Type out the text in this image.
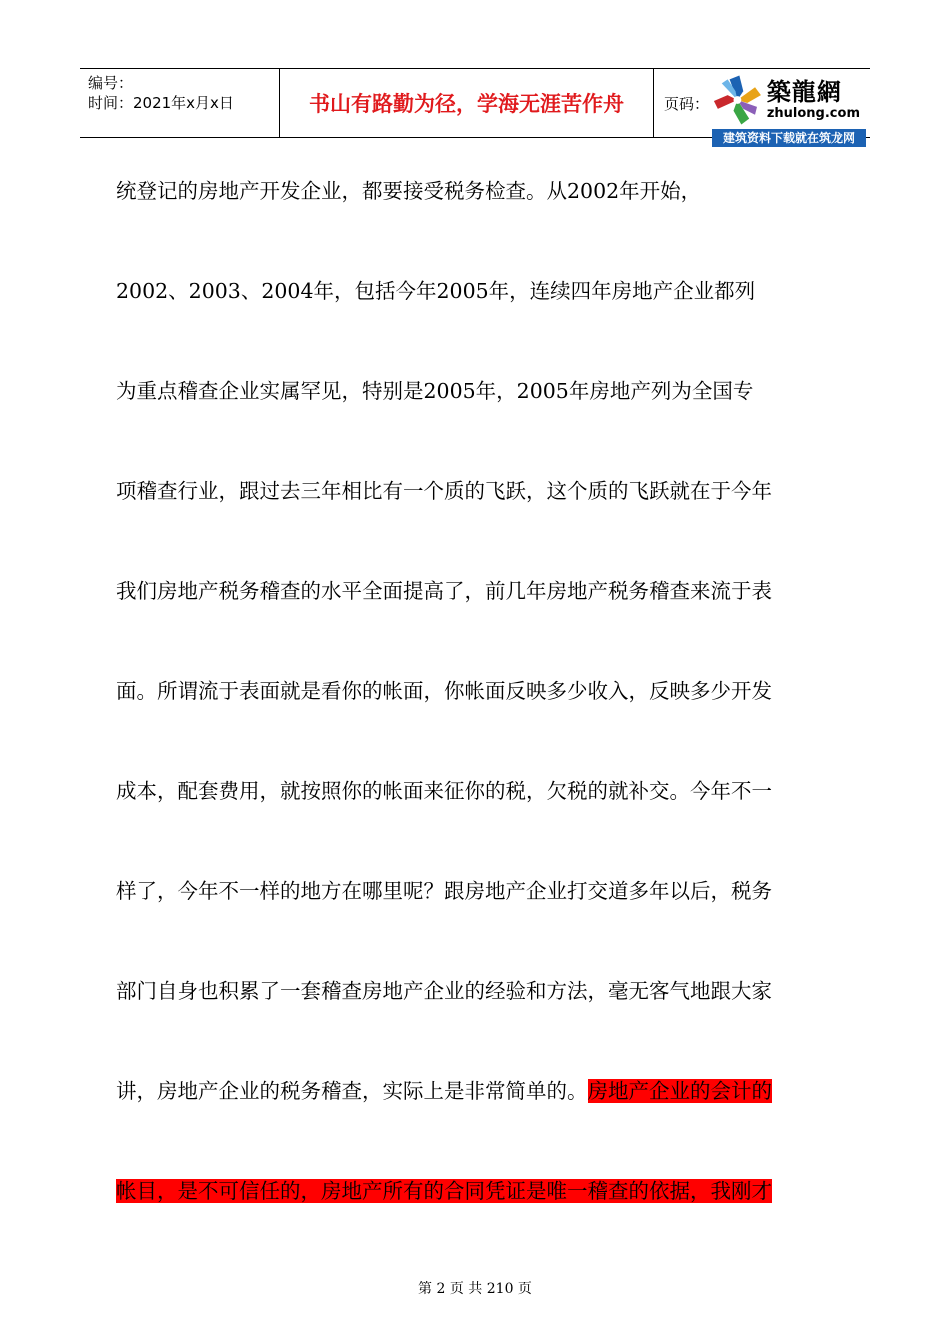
编号：
时间：2021年x月x日	书山有路勤为径，学海无涯苦作舟	页码： 築龍網
zhulong.com
建筑资料下载就在筑龙网
统登记的房地产开发企业，都要接受税务检查。从2002年开始，
2002、2003、2004年，包括今年2005年，连续四年房地产企业都列
为重点稽查企业实属罕见，特别是2005年，2005年房地产列为全国专
项稽查行业，跟过去三年相比有一个质的飞跃，这个质的飞跃就在于今年
我们房地产税务稽查的水平全面提高了，前几年房地产税务稽查来流于表
面。所谓流于表面就是看你的帐面，你帐面反映多少收入，反映多少开发
成本，配套费用，就按照你的帐面来征你的税，欠税的就补交。今年不一
样了，今年不一样的地方在哪里呢？跟房地产企业打交道多年以后，税务
部门自身也积累了一套稽查房地产企业的经验和方法，毫无客气地跟大家
讲，房地产企业的税务稽查，实际上是非常简单的。房地产企业的会计的
帐目，是不可信任的，房地产所有的合同凭证是唯一稽查的依据，我刚才
第 2 页 共 210 页
